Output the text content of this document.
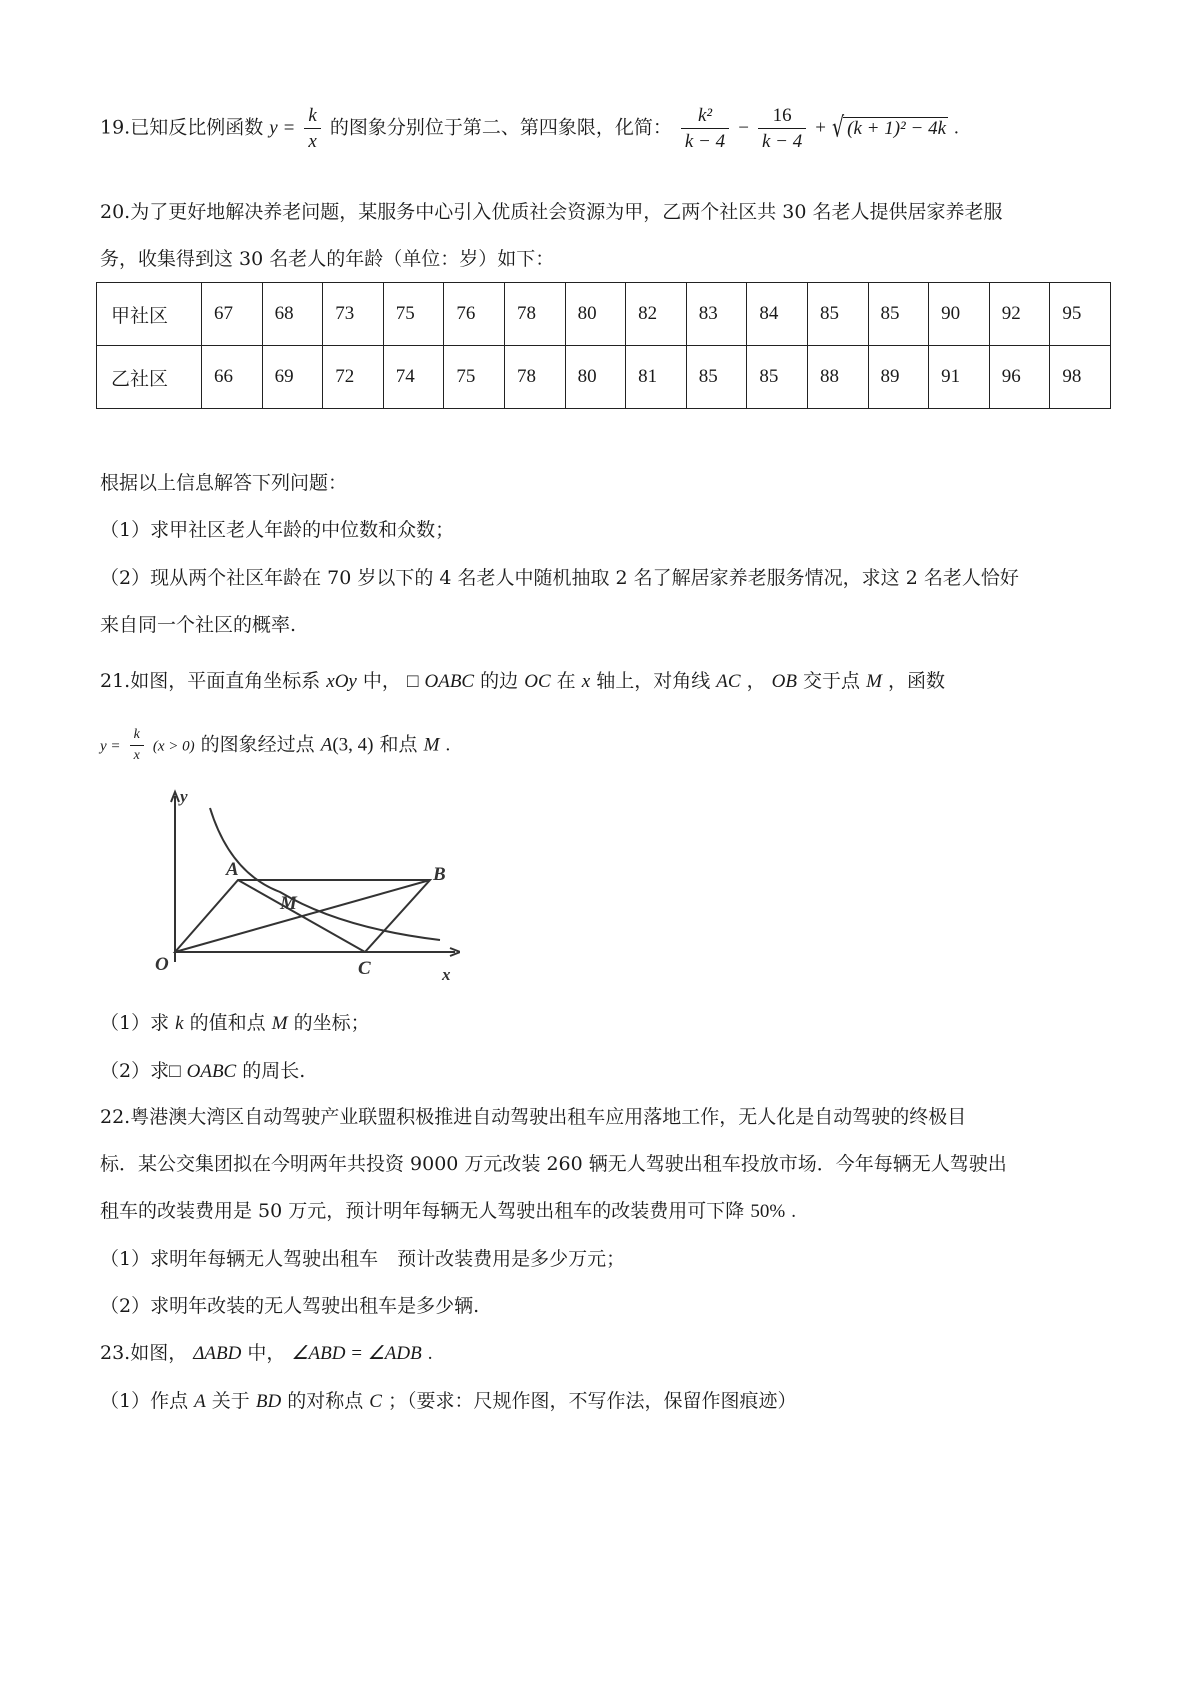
19.已知反比例函数 $y = \frac{k}{x}$ 的图象分别位于第二、第四象限，化简： $\frac{\text{k²}}{k - 4} - \frac{16}{k - 4}$ + √ (k + 1)² − 4k .
20.为了更好地解决养老问题，某服务中心引入优质社会资源为甲，乙两个社区共 30 名老人提供居家养老服
务，收集得到这 30 名老人的年龄（单位：岁）如下：
甲社区	67	68	73	75	76	78	80	82	83	84	85	85	90	92	95
乙社区	66	69	72	74	75	78	80	81	85	85	88	89	91	96	98
根据以上信息解答下列问题：
（1）求甲社区老人年龄的中位数和众数；
（2）现从两个社区年龄在 70 岁以下的 4 名老人中随机抽取 2 名了解居家养老服务情况，求这 2 名老人恰好
来自同一个社区的概率.
21.如图，平面直角坐标系 xOy 中， □ OABC 的边 OC 在 x 轴上，对角线 AC ， OB 交于点 M ，函数
$y = \frac{k}{x} (x > 0)$ 的图象经过点 A(3, 4) 和点 M .
y
x
O
A	B
C
M
（1）求 k 的值和点 M 的坐标；
（2）求□ OABC 的周长.
22.粤港澳大湾区自动驾驶产业联盟积极推进自动驾驶出租车应用落地工作，无人化是自动驾驶的终极目
标．某公交集团拟在今明两年共投资 9000 万元改装 260 辆无人驾驶出租车投放市场．今年每辆无人驾驶出
租车的改装费用是 50 万元，预计明年每辆无人驾驶出租车的改装费用可下降 50% .
（1）求明年每辆无人驾驶出租车　预计改装费用是多少万元；
（2）求明年改装的无人驾驶出租车是多少辆.
23.如图， ΔABD 中， ∠ABD = ∠ADB .
（1）作点 A 关于 BD 的对称点 C ；（要求：尺规作图，不写作法，保留作图痕迹）
